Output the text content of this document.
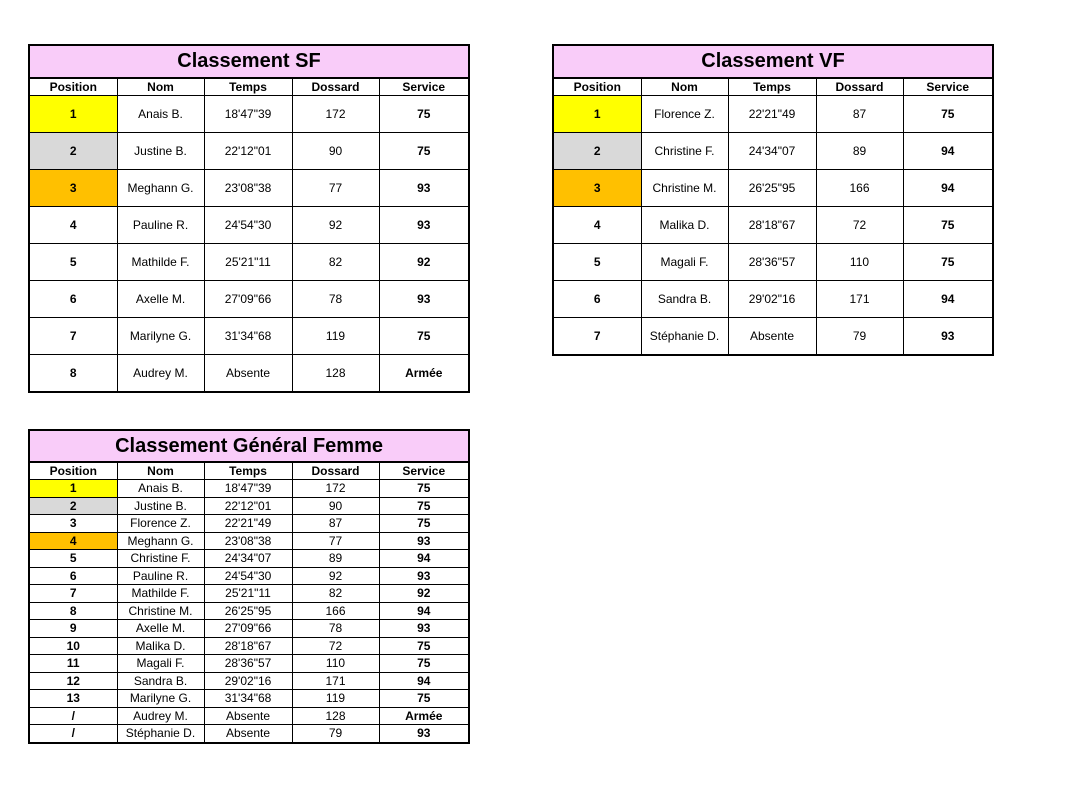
Classement SF				
Position	Nom	Temps	Dossard	Service
1	Anais B.	18'47"39	172	75
2	Justine B.	22'12"01	90	75
3	Meghann G.	23'08"38	77	93
4	Pauline R.	24'54"30	92	93
5	Mathilde F.	25'21"11	82	92
6	Axelle M.	27'09"66	78	93
7	Marilyne G.	31'34"68	119	75
8	Audrey M.	Absente	128	Armée
Classement VF				
Position	Nom	Temps	Dossard	Service
1	Florence Z.	22'21"49	87	75
2	Christine F.	24'34"07	89	94
3	Christine M.	26'25"95	166	94
4	Malika D.	28'18"67	72	75
5	Magali F.	28'36"57	110	75
6	Sandra B.	29'02"16	171	94
7	Stéphanie D.	Absente	79	93
Classement Général Femme				
Position	Nom	Temps	Dossard	Service
1	Anais B.	18'47"39	172	75
2	Justine B.	22'12"01	90	75
3	Florence Z.	22'21"49	87	75
4	Meghann G.	23'08"38	77	93
5	Christine F.	24'34"07	89	94
6	Pauline R.	24'54"30	92	93
7	Mathilde F.	25'21"11	82	92
8	Christine M.	26'25"95	166	94
9	Axelle M.	27'09"66	78	93
10	Malika D.	28'18"67	72	75
11	Magali F.	28'36"57	110	75
12	Sandra B.	29'02"16	171	94
13	Marilyne G.	31'34"68	119	75
/	Audrey M.	Absente	128	Armée
/	Stéphanie D.	Absente	79	93
